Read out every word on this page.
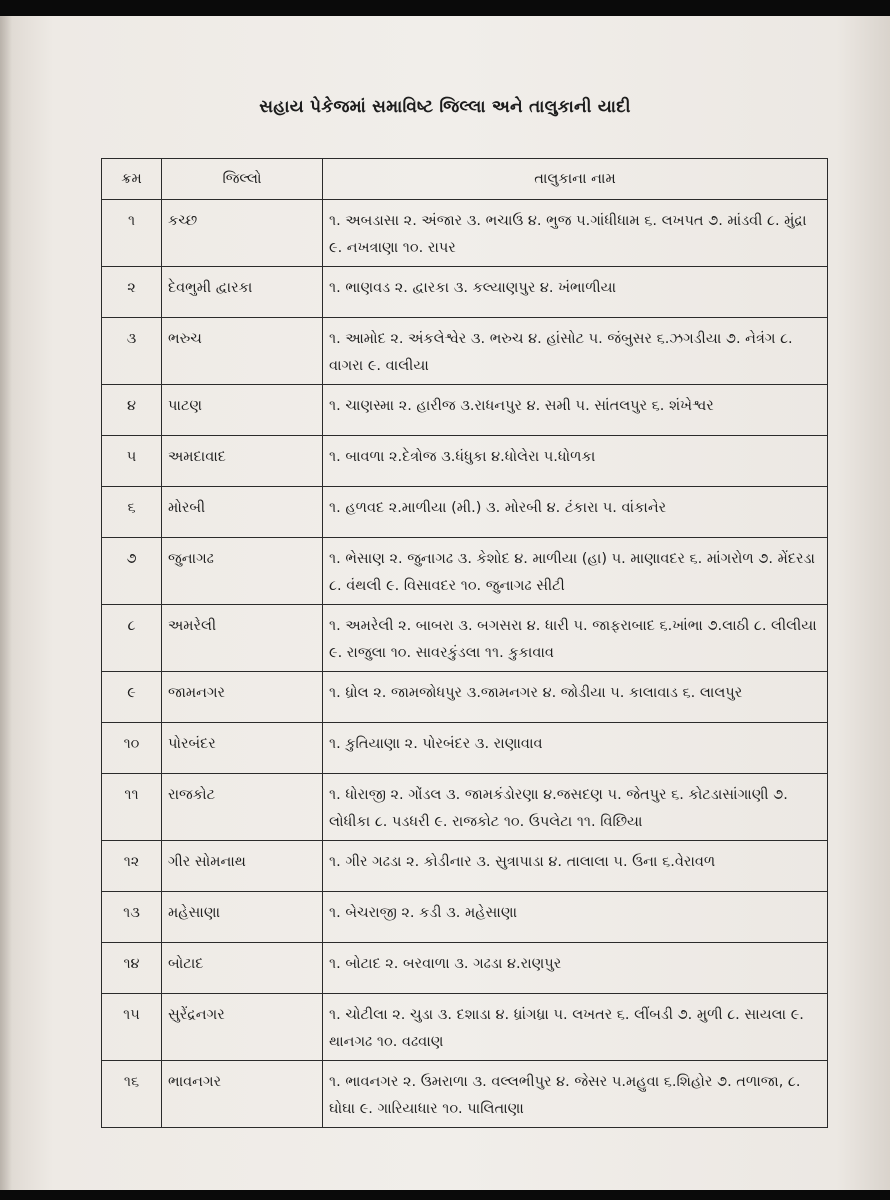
સહાય પેકેજમાં સમાવિષ્ટ જિલ્લા અને તાલુકાની યાદી
ક્રમ	જિલ્લો	તાલુકાના નામ
૧	કચ્છ	૧. અબડાસા ૨. અંજાર ૩. ભચાઉ ૪. ભુજ ૫.ગાંધીધામ ૬. લખપત ૭. માંડવી ૮. મુંદ્રા ૯. નખત્રાણા ૧૦. રાપર
૨	દેવભુમી દ્વારકા	૧. ભાણવડ ૨. દ્વારકા ૩. કલ્યાણપુર ૪. ખંભાળીયા
૩	ભરુચ	૧. આમોદ ૨. અંકલેશ્વેર ૩. ભરુચ ૪. હાંસોટ ૫. જંબુસર ૬.ઝગડીયા ૭. નેત્રંગ ૮. વાગરા ૯. વાલીયા
૪	પાટણ	૧. ચાણસ્મા ૨. હારીજ ૩.રાધનપુર ૪. સમી ૫. સાંતલપુર ૬. શંખેશ્વર
૫	અમદાવાદ	૧. બાવળા ૨.દેત્રોજ ૩.ધંધુકા ૪.ધોલેરા ૫.ધોળકા
૬	મોરબી	૧. હળવદ ૨.માળીયા (મી.) ૩. મોરબી ૪. ટંકારા ૫. વાંકાનેર
૭	જુનાગઢ	૧. ભેસાણ ૨. જુનાગઢ ૩. કેશોદ ૪. માળીયા (હા) ૫. માણાવદર ૬. માંગરોળ ૭. મેંદરડા ૮. વંથલી ૯. વિસાવદર ૧૦. જુનાગઢ સીટી
૮	અમરેલી	૧. અમરેલી ૨. બાબરા ૩. બગસરા ૪. ધારી ૫. જાફરાબાદ ૬.ખાંભા ૭.લાઠી ૮. લીલીયા ૯. રાજુલા ૧૦. સાવરકુંડલા ૧૧. કુકાવાવ
૯	જામનગર	૧. ધ્રોલ ૨. જામજોધપુર ૩.જામનગર ૪. જોડીયા ૫. કાલાવાડ ૬. લાલપુર
૧૦	પોરબંદર	૧. કુતિયાણા ૨. પોરબંદર ૩. રાણાવાવ
૧૧	રાજકોટ	૧. ધોરાજી ૨. ગોંડલ ૩. જામકંડોરણા ૪.જસદણ ૫. જેતપુર ૬. કોટડાસાંગાણી ૭. લોધીકા ૮. પડધરી ૯. રાજકોટ ૧૦. ઉપલેટા ૧૧. વિછિયા
૧૨	ગીર સોમનાથ	૧. ગીર ગઢડા ૨. કોડીનાર ૩. સુત્રાપાડા ૪. તાલાલા ૫. ઉના ૬.વેરાવળ
૧૩	મહેસાણા	૧. બેચરાજી ૨. કડી ૩. મહેસાણા
૧૪	બોટાદ	૧. બોટાદ ૨. બરવાળા ૩. ગઢડા ૪.રાણપુર
૧૫	સુરેંદ્રનગર	૧. ચોટીલા ૨. ચુડા ૩. દશાડા ૪. ધ્રાંગધ્રા ૫. લખતર ૬. લીંબડી ૭. મુળી ૮. સાયલા ૯. થાનગઢ ૧૦. વઢવાણ
૧૬	ભાવનગર	૧. ભાવનગર ૨. ઉમરાળા ૩. વલ્લભીપુર ૪. જેસર ૫.મહુવા ૬.શિહોર ૭. તળાજા, ૮. ઘોઘા ૯. ગારિયાધાર ૧૦. પાલિતાણા
